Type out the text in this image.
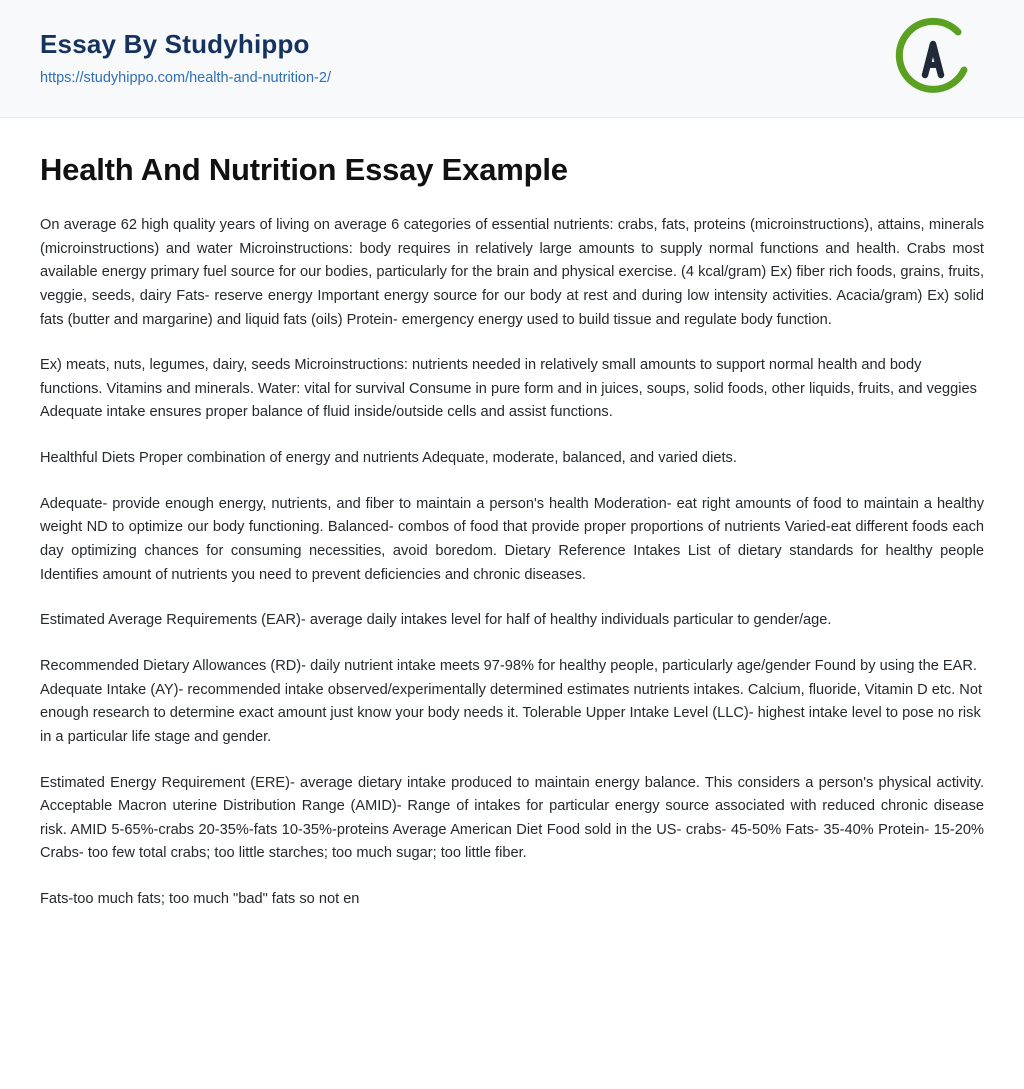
Essay By Studyhippo
https://studyhippo.com/health-and-nutrition-2/
Health And Nutrition Essay Example

On average 62 high quality years of living on average 6 categories of essential nutrients: crabs, fats, proteins (microinstructions), attains, minerals (microinstructions) and water Microinstructions: body requires in relatively large amounts to supply normal functions and health. Crabs most available energy primary fuel source for our bodies, particularly for the brain and physical exercise. (4 kcal/gram) Ex) fiber rich foods, grains, fruits, veggie, seeds, dairy Fats- reserve energy Important energy source for our body at rest and during low intensity activities. Acacia/gram) Ex) solid fats (butter and margarine) and liquid fats (oils) Protein- emergency energy used to build tissue and regulate body function.

Ex) meats, nuts, legumes, dairy, seeds Microinstructions: nutrients needed in relatively small amounts to support normal health and body functions. Vitamins and minerals. Water: vital for survival Consume in pure form and in juices, soups, solid foods, other liquids, fruits, and veggies Adequate intake ensures proper balance of fluid inside/outside cells and assist functions.

Healthful Diets Proper combination of energy and nutrients Adequate, moderate, balanced, and varied diets.

Adequate- provide enough energy, nutrients, and fiber to maintain a person's health Moderation- eat right amounts of food to maintain a healthy weight ND to optimize our body functioning. Balanced- combos of food that provide proper proportions of nutrients Varied-eat different foods each day optimizing chances for consuming necessities, avoid boredom. Dietary Reference Intakes List of dietary standards for healthy people Identifies amount of nutrients you need to prevent deficiencies and chronic diseases.

Estimated Average Requirements (EAR)- average daily intakes level for half of healthy individuals particular to gender/age.

Recommended Dietary Allowances (RD)- daily nutrient intake meets 97-98% for healthy people, particularly age/gender Found by using the EAR. Adequate Intake (AY)- recommended intake observed/experimentally determined estimates nutrients intakes. Calcium, fluoride, Vitamin D etc. Not enough research to determine exact amount just know your body needs it. Tolerable Upper Intake Level (LLC)- highest intake level to pose no risk in a particular life stage and gender.

Estimated Energy Requirement (ERE)- average dietary intake produced to maintain energy balance. This considers a person's physical activity. Acceptable Macron uterine Distribution Range (AMID)- Range of intakes for particular energy source associated with reduced chronic disease risk. AMID 5-65%-crabs 20-35%-fats 10-35%-proteins Average American Diet Food sold in the US- crabs- 45-50% Fats- 35-40% Protein- 15-20% Crabs- too few total crabs; too little starches; too much sugar; too little fiber.

Fats-too much fats; too much "bad" fats so not en
